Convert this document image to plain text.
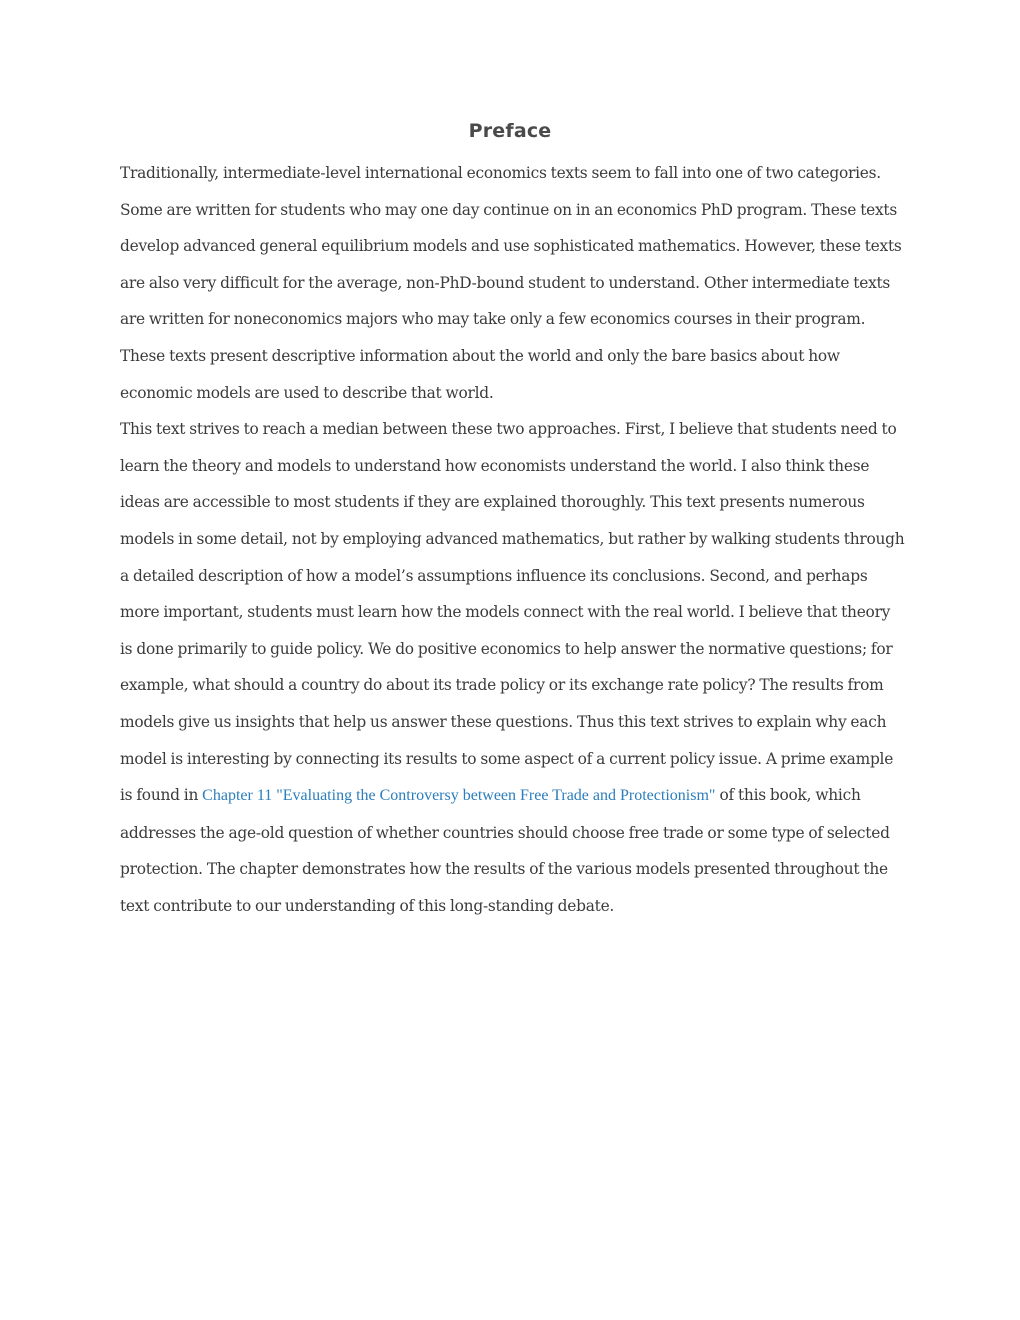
Preface

Traditionally, intermediate-level international economics texts seem to fall into one of two categories. Some are written for students who may one day continue on in an economics PhD program. These texts develop advanced general equilibrium models and use sophisticated mathematics. However, these texts are also very difficult for the average, non-PhD-bound student to understand. Other intermediate texts are written for noneconomics majors who may take only a few economics courses in their program. These texts present descriptive information about the world and only the bare basics about how economic models are used to describe that world.

This text strives to reach a median between these two approaches. First, I believe that students need to learn the theory and models to understand how economists understand the world. I also think these ideas are accessible to most students if they are explained thoroughly. This text presents numerous models in some detail, not by employing advanced mathematics, but rather by walking students through a detailed description of how a model’s assumptions influence its conclusions. Second, and perhaps more important, students must learn how the models connect with the real world. I believe that theory is done primarily to guide policy. We do positive economics to help answer the normative questions; for example, what should a country do about its trade policy or its exchange rate policy? The results from models give us insights that help us answer these questions. Thus this text strives to explain why each model is interesting by connecting its results to some aspect of a current policy issue. A prime example is found in Chapter 11 "Evaluating the Controversy between Free Trade and Protectionism" of this book, which addresses the age-old question of whether countries should choose free trade or some type of selected protection. The chapter demonstrates how the results of the various models presented throughout the text contribute to our understanding of this long-standing debate.
